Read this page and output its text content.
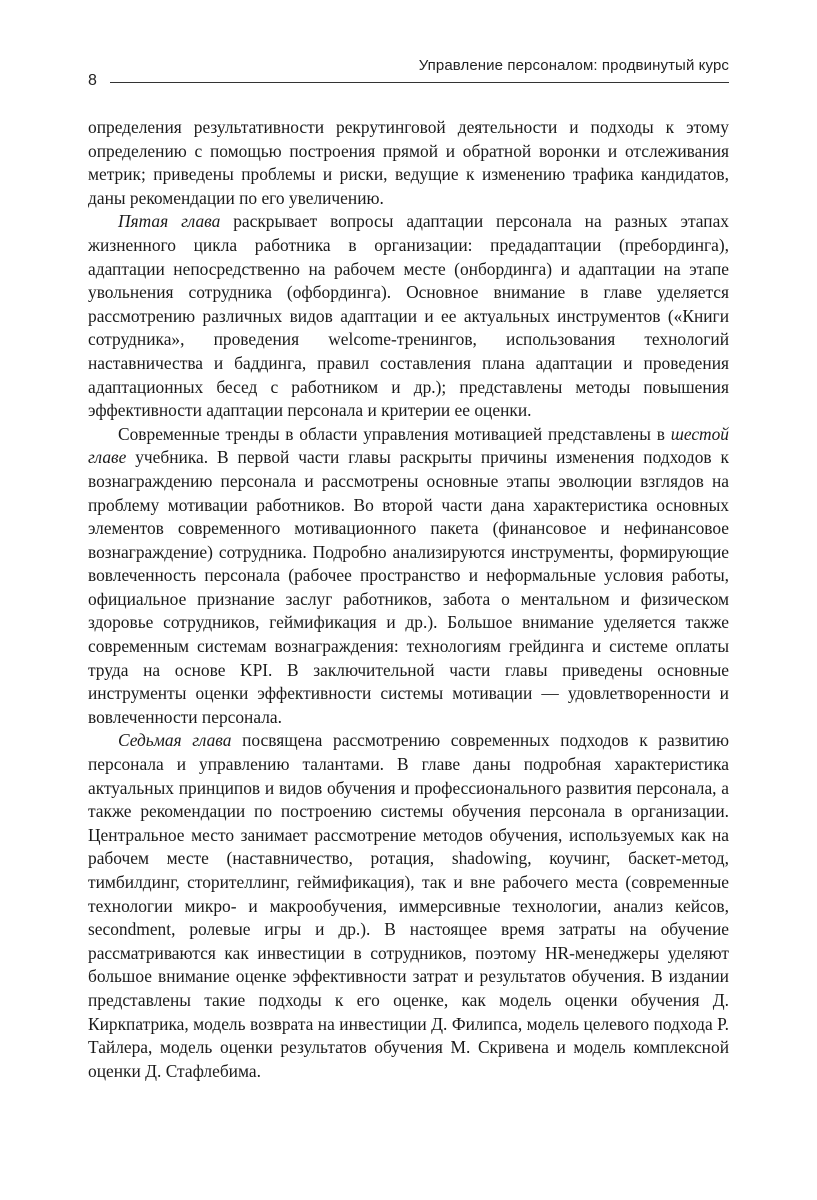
Управление персоналом: продвинутый курс
8

определения результативности рекрутинговой деятельности и подходы к этому определению с помощью построения прямой и обратной воронки и отслеживания метрик; приведены проблемы и риски, ведущие к изменению трафика кандидатов, даны рекомендации по его увеличению.

Пятая глава раскрывает вопросы адаптации персонала на разных этапах жизненного цикла работника в организации: предадаптации (пребординга), адаптации непосредственно на рабочем месте (онбординга) и адаптации на этапе увольнения сотрудника (офбординга). Основное внимание в главе уделяется рассмотрению различных видов адаптации и ее актуальных инструментов («Книги сотрудника», проведения welcome-тренингов, использования технологий наставничества и баддинга, правил составления плана адаптации и проведения адаптационных бесед с работником и др.); представлены методы повышения эффективности адаптации персонала и критерии ее оценки.

Современные тренды в области управления мотивацией представлены в шестой главе учебника. В первой части главы раскрыты причины изменения подходов к вознаграждению персонала и рассмотрены основные этапы эволюции взглядов на проблему мотивации работников. Во второй части дана характеристика основных элементов современного мотивационного пакета (финансовое и нефинансовое вознаграждение) сотрудника. Подробно анализируются инструменты, формирующие вовлеченность персонала (рабочее пространство и неформальные условия работы, официальное признание заслуг работников, забота о ментальном и физическом здоровье сотрудников, геймификация и др.). Большое внимание уделяется также современным системам вознаграждения: технологиям грейдинга и системе оплаты труда на основе KPI. В заключительной части главы приведены основные инструменты оценки эффективности системы мотивации — удовлетворенности и вовлеченности персонала.

Седьмая глава посвящена рассмотрению современных подходов к развитию персонала и управлению талантами. В главе даны подробная характеристика актуальных принципов и видов обучения и профессионального развития персонала, а также рекомендации по построению системы обучения персонала в организации. Центральное место занимает рассмотрение методов обучения, используемых как на рабочем месте (наставничество, ротация, shadowing, коучинг, баскет-метод, тимбилдинг, сторителлинг, геймификация), так и вне рабочего места (современные технологии микро- и макрообучения, иммерсивные технологии, анализ кейсов, secondment, ролевые игры и др.). В настоящее время затраты на обучение рассматриваются как инвестиции в сотрудников, поэтому HR-менеджеры уделяют большое внимание оценке эффективности затрат и результатов обучения. В издании представлены такие подходы к его оценке, как модель оценки обучения Д. Киркпатрика, модель возврата на инвестиции Д. Филипса, модель целевого подхода Р. Тайлера, модель оценки результатов обучения М. Скривена и модель комплексной оценки Д. Стафлебима.
